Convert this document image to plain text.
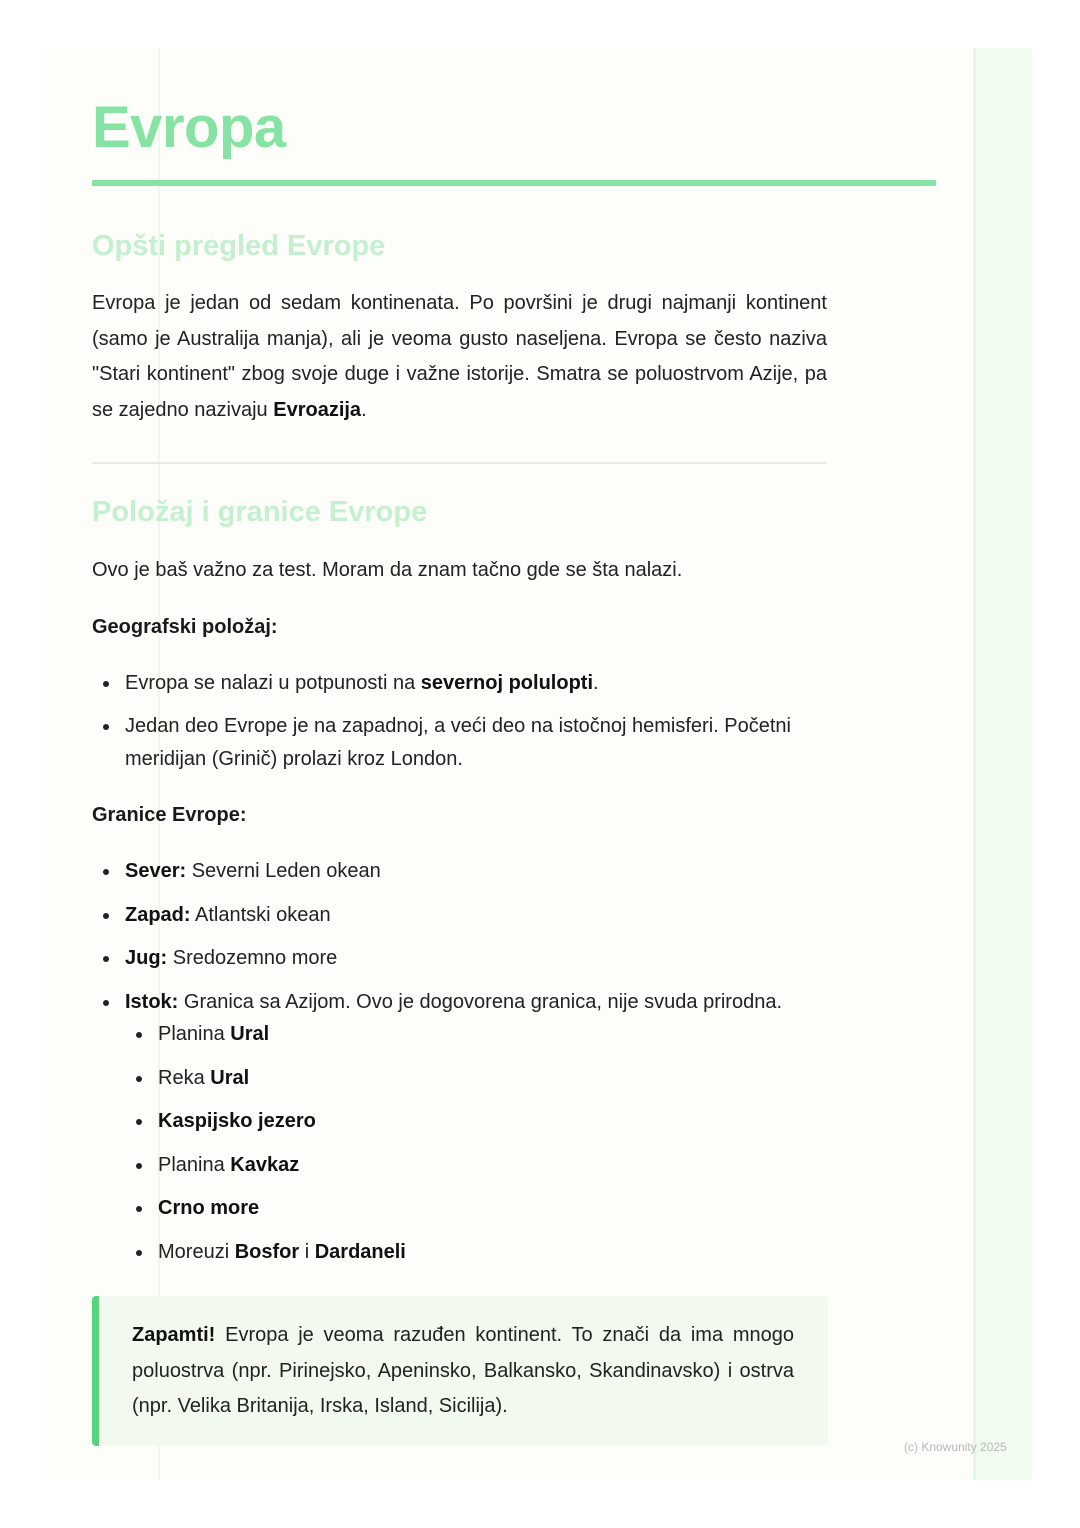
Evropa
Opšti pregled Evrope
Evropa je jedan od sedam kontinenata. Po površini je drugi najmanji kontinent (samo je Australija manja), ali je veoma gusto naseljena. Evropa se često naziva "Stari kontinent" zbog svoje duge i važne istorije. Smatra se poluostrvom Azije, pa se zajedno nazivaju Evroazija.
Položaj i granice Evrope
Ovo je baš važno za test. Moram da znam tačno gde se šta nalazi.
Geografski položaj:
Evropa se nalazi u potpunosti na severnoj polulopti.
Jedan deo Evrope je na zapadnoj, a veći deo na istočnoj hemisferi. Početni meridijan (Grinič) prolazi kroz London.
Granice Evrope:
Sever: Severni Leden okean
Zapad: Atlantski okean
Jug: Sredozemno more
Istok: Granica sa Azijom. Ovo je dogovorena granica, nije svuda prirodna.
Planina Ural
Reka Ural
Kaspijsko jezero
Planina Kavkaz
Crno more
Moreuzi Bosfor i Dardaneli
Zapamti! Evropa je veoma razuđen kontinent. To znači da ima mnogo poluostrva (npr. Pirinejsko, Apeninsko, Balkansko, Skandinavsko) i ostrva (npr. Velika Britanija, Irska, Island, Sicilija).
(c) Knowunity 2025
